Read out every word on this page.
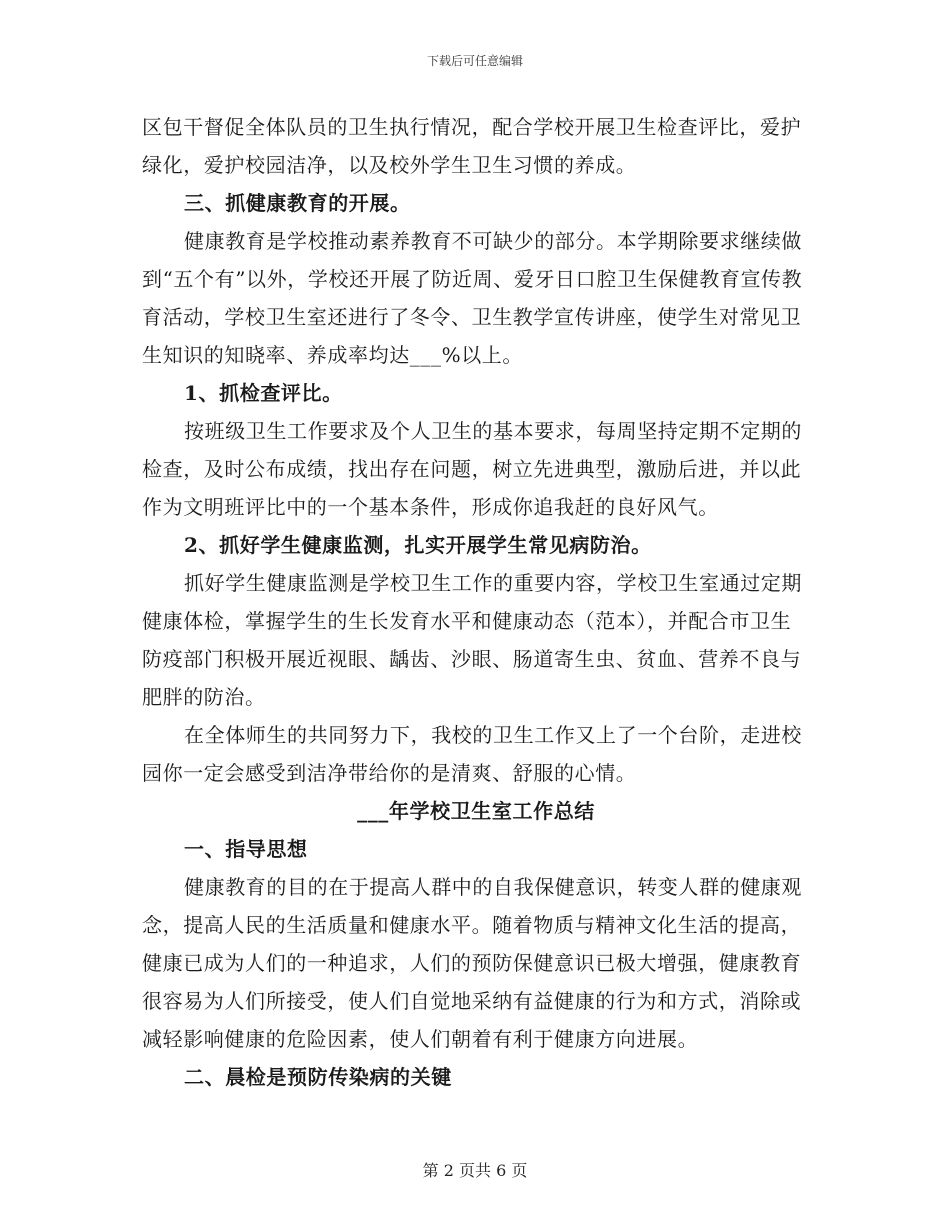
下载后可任意编辑

区包干督促全体队员的卫生执行情况，配合学校开展卫生检查评比，爱护绿化，爱护校园洁净，以及校外学生卫生习惯的养成。

三、抓健康教育的开展。

健康教育是学校推动素养教育不可缺少的部分。本学期除要求继续做到“五个有”以外，学校还开展了防近周、爱牙日口腔卫生保健教育宣传教育活动，学校卫生室还进行了冬令、卫生教学宣传讲座，使学生对常见卫生知识的知晓率、养成率均达___%以上。

1、抓检查评比。

按班级卫生工作要求及个人卫生的基本要求，每周坚持定期不定期的检查，及时公布成绩，找出存在问题，树立先进典型，激励后进，并以此作为文明班评比中的一个基本条件，形成你追我赶的良好风气。

2、抓好学生健康监测，扎实开展学生常见病防治。

抓好学生健康监测是学校卫生工作的重要内容，学校卫生室通过定期健康体检，掌握学生的生长发育水平和健康动态（范本），并配合市卫生防疫部门积极开展近视眼、龋齿、沙眼、肠道寄生虫、贫血、营养不良与肥胖的防治。

在全体师生的共同努力下，我校的卫生工作又上了一个台阶，走进校园你一定会感受到洁净带给你的是清爽、舒服的心情。

___年学校卫生室工作总结

一、指导思想

健康教育的目的在于提高人群中的自我保健意识，转变人群的健康观念，提高人民的生活质量和健康水平。随着物质与精神文化生活的提高，健康已成为人们的一种追求，人们的预防保健意识已极大增强，健康教育很容易为人们所接受，使人们自觉地采纳有益健康的行为和方式，消除或减轻影响健康的危险因素，使人们朝着有利于健康方向进展。

二、晨检是预防传染病的关键

第 2 页共 6 页
